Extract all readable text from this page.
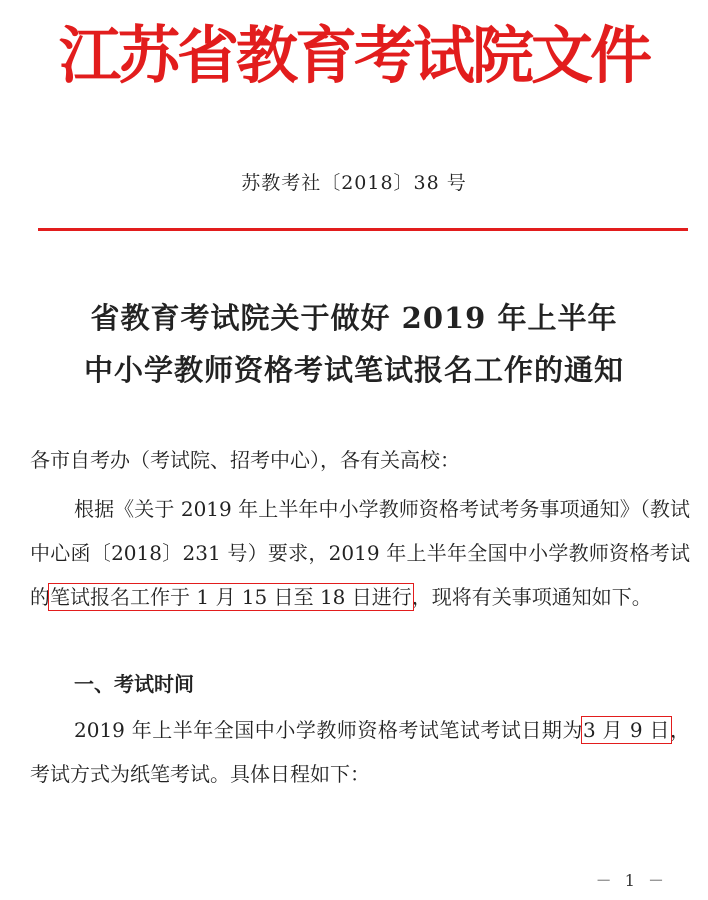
江苏省教育考试院文件
苏教考社〔2018〕38 号
省教育考试院关于做好 2019 年上半年
中小学教师资格考试笔试报名工作的通知
各市自考办（考试院、招考中心），各有关高校：
根据《关于 2019 年上半年中小学教师资格考试考务事项通知》（教试中心函〔2018〕231 号）要求，2019 年上半年全国中小学教师资格考试的笔试报名工作于 1 月 15 日至 18 日进行，现将有关事项通知如下。
一、考试时间
2019 年上半年全国中小学教师资格考试笔试考试日期为3 月 9 日，考试方式为纸笔考试。具体日程如下：
－ 1 －
